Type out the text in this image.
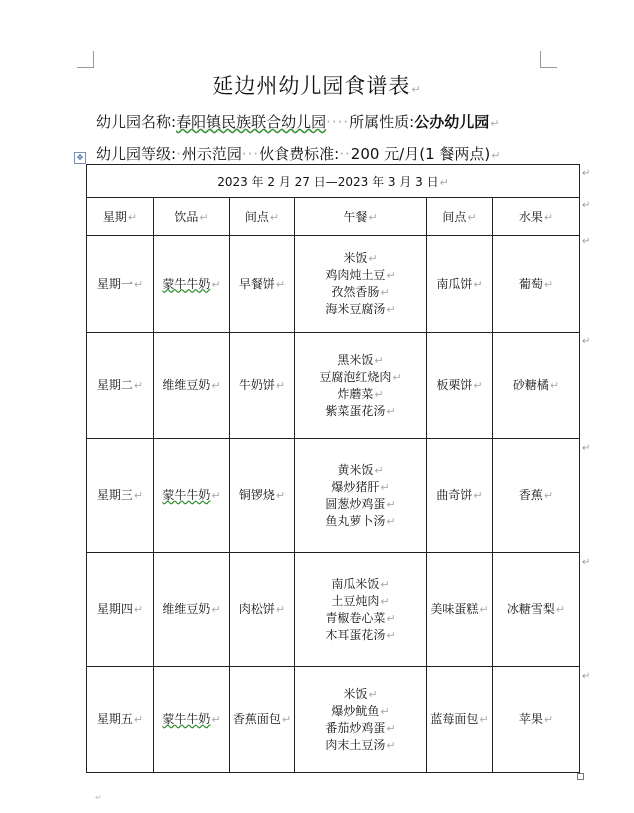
延边州幼儿园食谱表↵
幼儿园名称:春阳镇民族联合幼儿园····所属性质:公办幼儿园↵
✥ 幼儿园等级:·州示范园···伙食费标准:··200 元/月(1 餐两点)↵
2023 年 2 月 27 日—2023 年 3 月 3 日↵					
星期↵	饮品↵	间点↵	午餐↵	间点↵	水果↵
星期一↵	蒙牛牛奶↵	早餐饼↵	米饭↵
鸡肉炖土豆↵
孜然香肠↵
海米豆腐汤↵	南瓜饼↵	葡萄↵
星期二↵	维维豆奶↵	牛奶饼↵	黑米饭↵
豆腐泡红烧肉↵
炸蘑菜↵
紫菜蛋花汤↵	板栗饼↵	砂糖橘↵
星期三↵	蒙牛牛奶↵	铜锣烧↵	黄米饭↵
爆炒猪肝↵
圆葱炒鸡蛋↵
鱼丸萝卜汤↵	曲奇饼↵	香蕉↵
星期四↵	维维豆奶↵	肉松饼↵	南瓜米饭↵
土豆炖肉↵
青椒卷心菜↵
木耳蛋花汤↵	美味蛋糕↵	冰糖雪梨↵
星期五↵	蒙牛牛奶↵	香蕉面包↵	米饭↵
爆炒鱿鱼↵
番茄炒鸡蛋↵
肉末土豆汤↵	蓝莓面包↵	苹果↵
↵
↵
↵
↵
↵
↵
↵
↵
